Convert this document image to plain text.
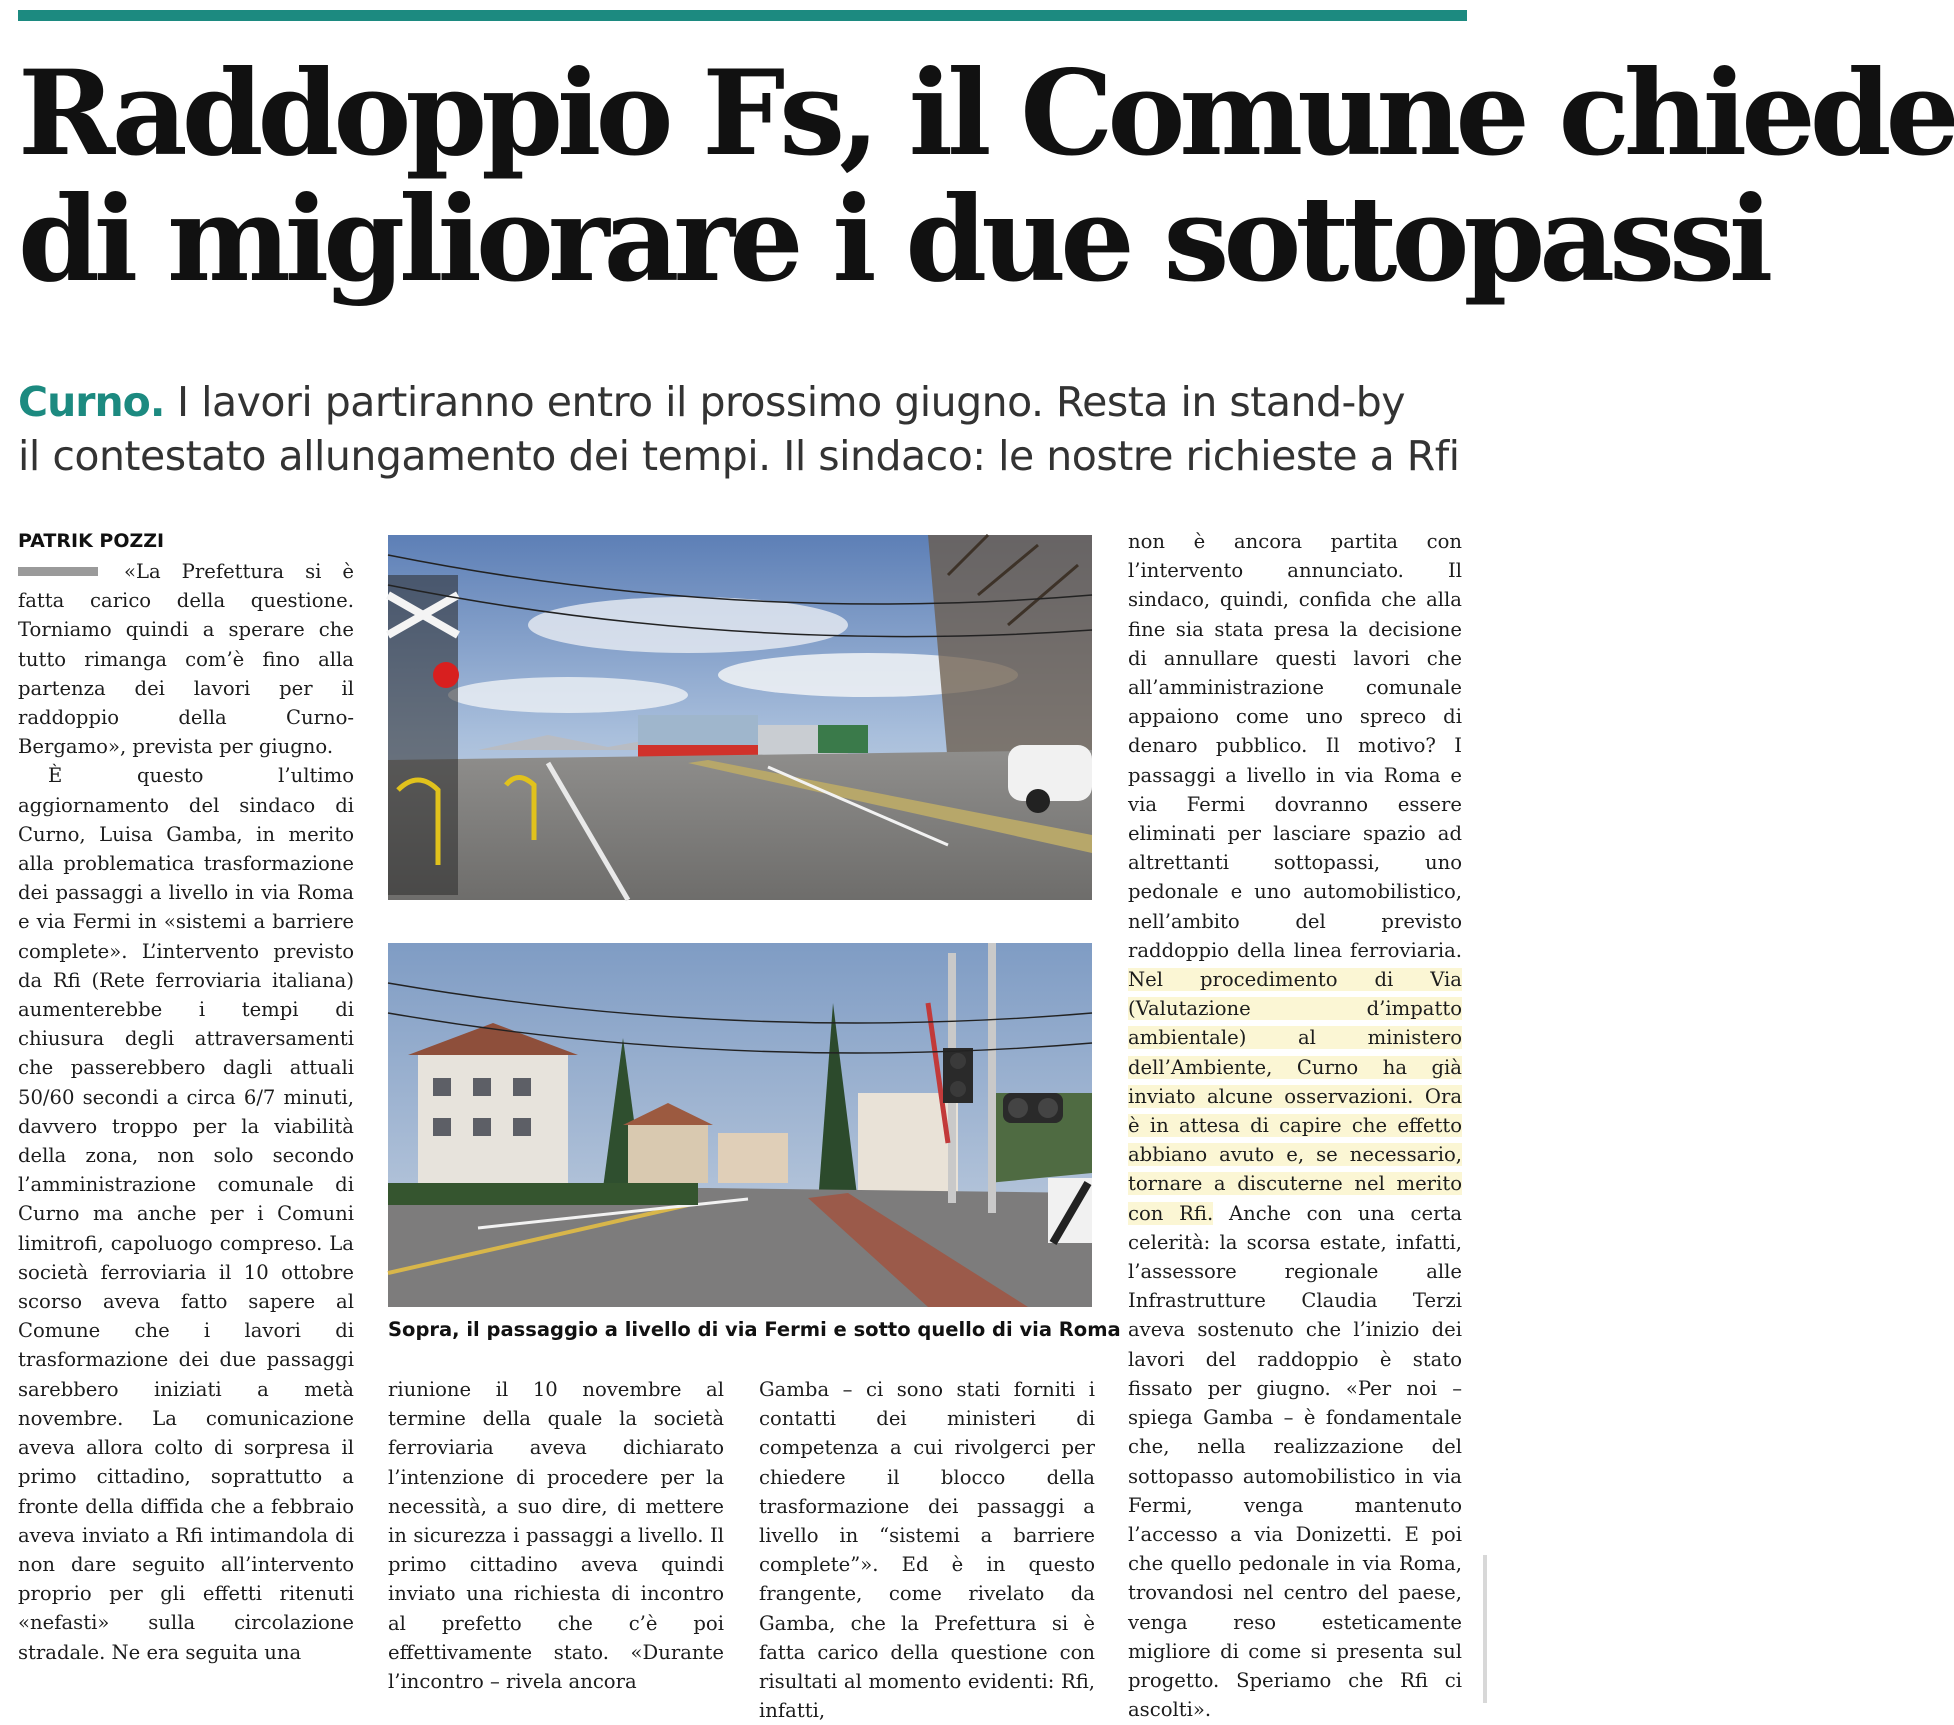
Raddoppio Fs, il Comune chiede
di migliorare i due sottopassi
Curno. I lavori partiranno entro il prossimo giugno. Resta in stand-by
il contestato allungamento dei tempi. Il sindaco: le nostre richieste a Rfi
PATRIK POZZI

«La Prefettura si è fatta carico della questione. Torniamo quindi a sperare che tutto rimanga com’è fino alla partenza dei lavori per il raddoppio della Curno-Bergamo», prevista per giugno.

È questo l’ultimo aggiornamento del sindaco di Curno, Luisa Gamba, in merito alla problematica trasformazione dei passaggi a livello in via Roma e via Fermi in «sistemi a barriere complete». L’intervento previsto da Rfi (Rete ferroviaria italiana) aumenterebbe i tempi di chiusura degli attraversamenti che passerebbero dagli attuali 50/60 secondi a circa 6/7 minuti, davvero troppo per la viabilità della zona, non solo secondo l’amministrazione comunale di Curno ma anche per i Comuni limitrofi, capoluogo compreso. La società ferroviaria il 10 ottobre scorso aveva fatto sapere al Comune che i lavori di trasformazione dei due passaggi sarebbero iniziati a metà novembre. La comunicazione aveva allora colto di sorpresa il primo cittadino, soprattutto a fronte della diffida che a febbraio aveva inviato a Rfi intimandola di non dare seguito all’intervento proprio per gli effetti ritenuti «nefasti» sulla circolazione stradale. Ne era seguita una

Sopra, il passaggio a livello di via Fermi e sotto quello di via Roma

riunione il 10 novembre al termine della quale la società ferroviaria aveva dichiarato l’intenzione di procedere per la necessità, a suo dire, di mettere in sicurezza i passaggi a livello. Il primo cittadino aveva quindi inviato una richiesta di incontro al prefetto che c’è poi effettivamente stato. «Durante l’incontro – rivela ancora

Gamba – ci sono stati forniti i contatti dei ministeri di competenza a cui rivolgerci per chiedere il blocco della trasformazione dei passaggi a livello in “sistemi a barriere complete”». Ed è in questo frangente, come rivelato da Gamba, che la Prefettura si è fatta carico della questione con risultati al momento evidenti: Rfi, infatti,

non è ancora partita con l’intervento annunciato. Il sindaco, quindi, confida che alla fine sia stata presa la decisione di annullare questi lavori che all’amministrazione comunale appaiono come uno spreco di denaro pubblico. Il motivo? I passaggi a livello in via Roma e via Fermi dovranno essere eliminati per lasciare spazio ad altrettanti sottopassi, uno pedonale e uno automobilistico, nell’ambito del previsto raddoppio della linea ferroviaria. Nel procedimento di Via (Valutazione d’impatto ambientale) al ministero dell’Ambiente, Curno ha già inviato alcune osservazioni. Ora è in attesa di capire che effetto abbiano avuto e, se necessario, tornare a discuterne nel merito con Rfi. Anche con una certa celerità: la scorsa estate, infatti, l’assessore regionale alle Infrastrutture Claudia Terzi aveva sostenuto che l’inizio dei lavori del raddoppio è stato fissato per giugno. «Per noi – spiega Gamba – è fondamentale che, nella realizzazione del sottopasso automobilistico in via Fermi, venga mantenuto l’accesso a via Donizetti. E poi che quello pedonale in via Roma, trovandosi nel centro del paese, venga reso esteticamente migliore di come si presenta sul progetto. Speriamo che Rfi ci ascolti».
